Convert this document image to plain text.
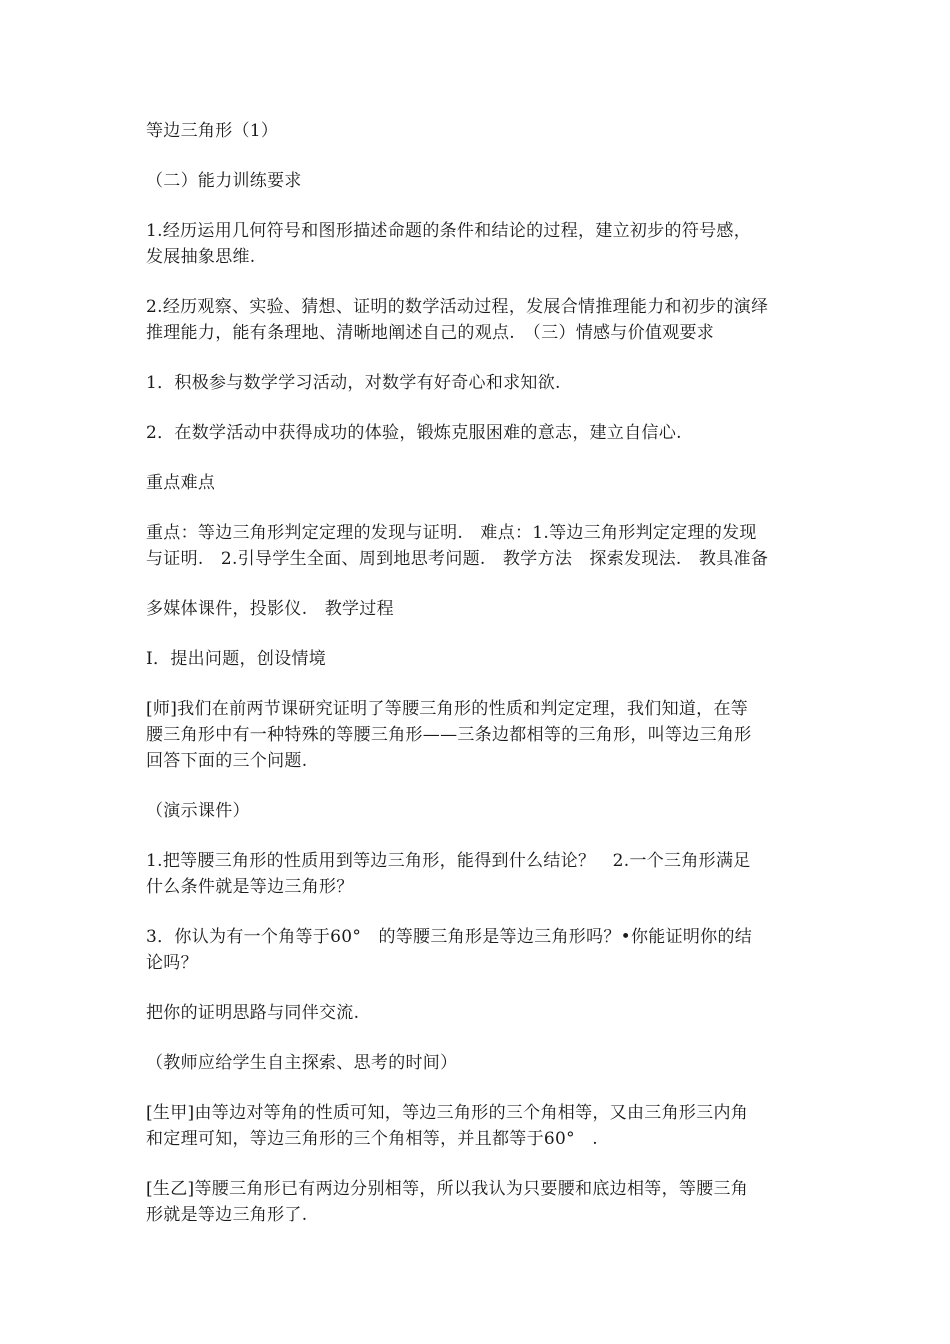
等边三角形（1）
（二）能力训练要求
1.经历运用几何符号和图形描述命题的条件和结论的过程，建立初步的符号感，
发展抽象思维.
2.经历观察、实验、猜想、证明的数学活动过程，发展合情推理能力和初步的演绎
推理能力，能有条理地、清晰地阐述自己的观点.　（三）情感与价值观要求
1．积极参与数学学习活动，对数学有好奇心和求知欲.
2．在数学活动中获得成功的体验，锻炼克服困难的意志，建立自信心.
重点难点
重点：等边三角形判定定理的发现与证明.　难点：1.等边三角形判定定理的发现
与证明.　2.引导学生全面、周到地思考问题.　教学方法　探索发现法.　教具准备
多媒体课件，投影仪.　教学过程
Ⅰ．提出问题，创设情境
[师]我们在前两节课研究证明了等腰三角形的性质和判定定理，我们知道，在等
腰三角形中有一种特殊的等腰三角形——三条边都相等的三角形，叫等边三角形
回答下面的三个问题.
（演示课件）
1.把等腰三角形的性质用到等边三角形，能得到什么结论？　2.一个三角形满足
什么条件就是等边三角形？
3．你认为有一个角等于60°　的等腰三角形是等边三角形吗？•你能证明你的结
论吗？
把你的证明思路与同伴交流.
（教师应给学生自主探索、思考的时间）
[生甲]由等边对等角的性质可知，等边三角形的三个角相等，又由三角形三内角
和定理可知，等边三角形的三个角相等，并且都等于60°　.
[生乙]等腰三角形已有两边分别相等，所以我认为只要腰和底边相等，等腰三角
形就是等边三角形了.
